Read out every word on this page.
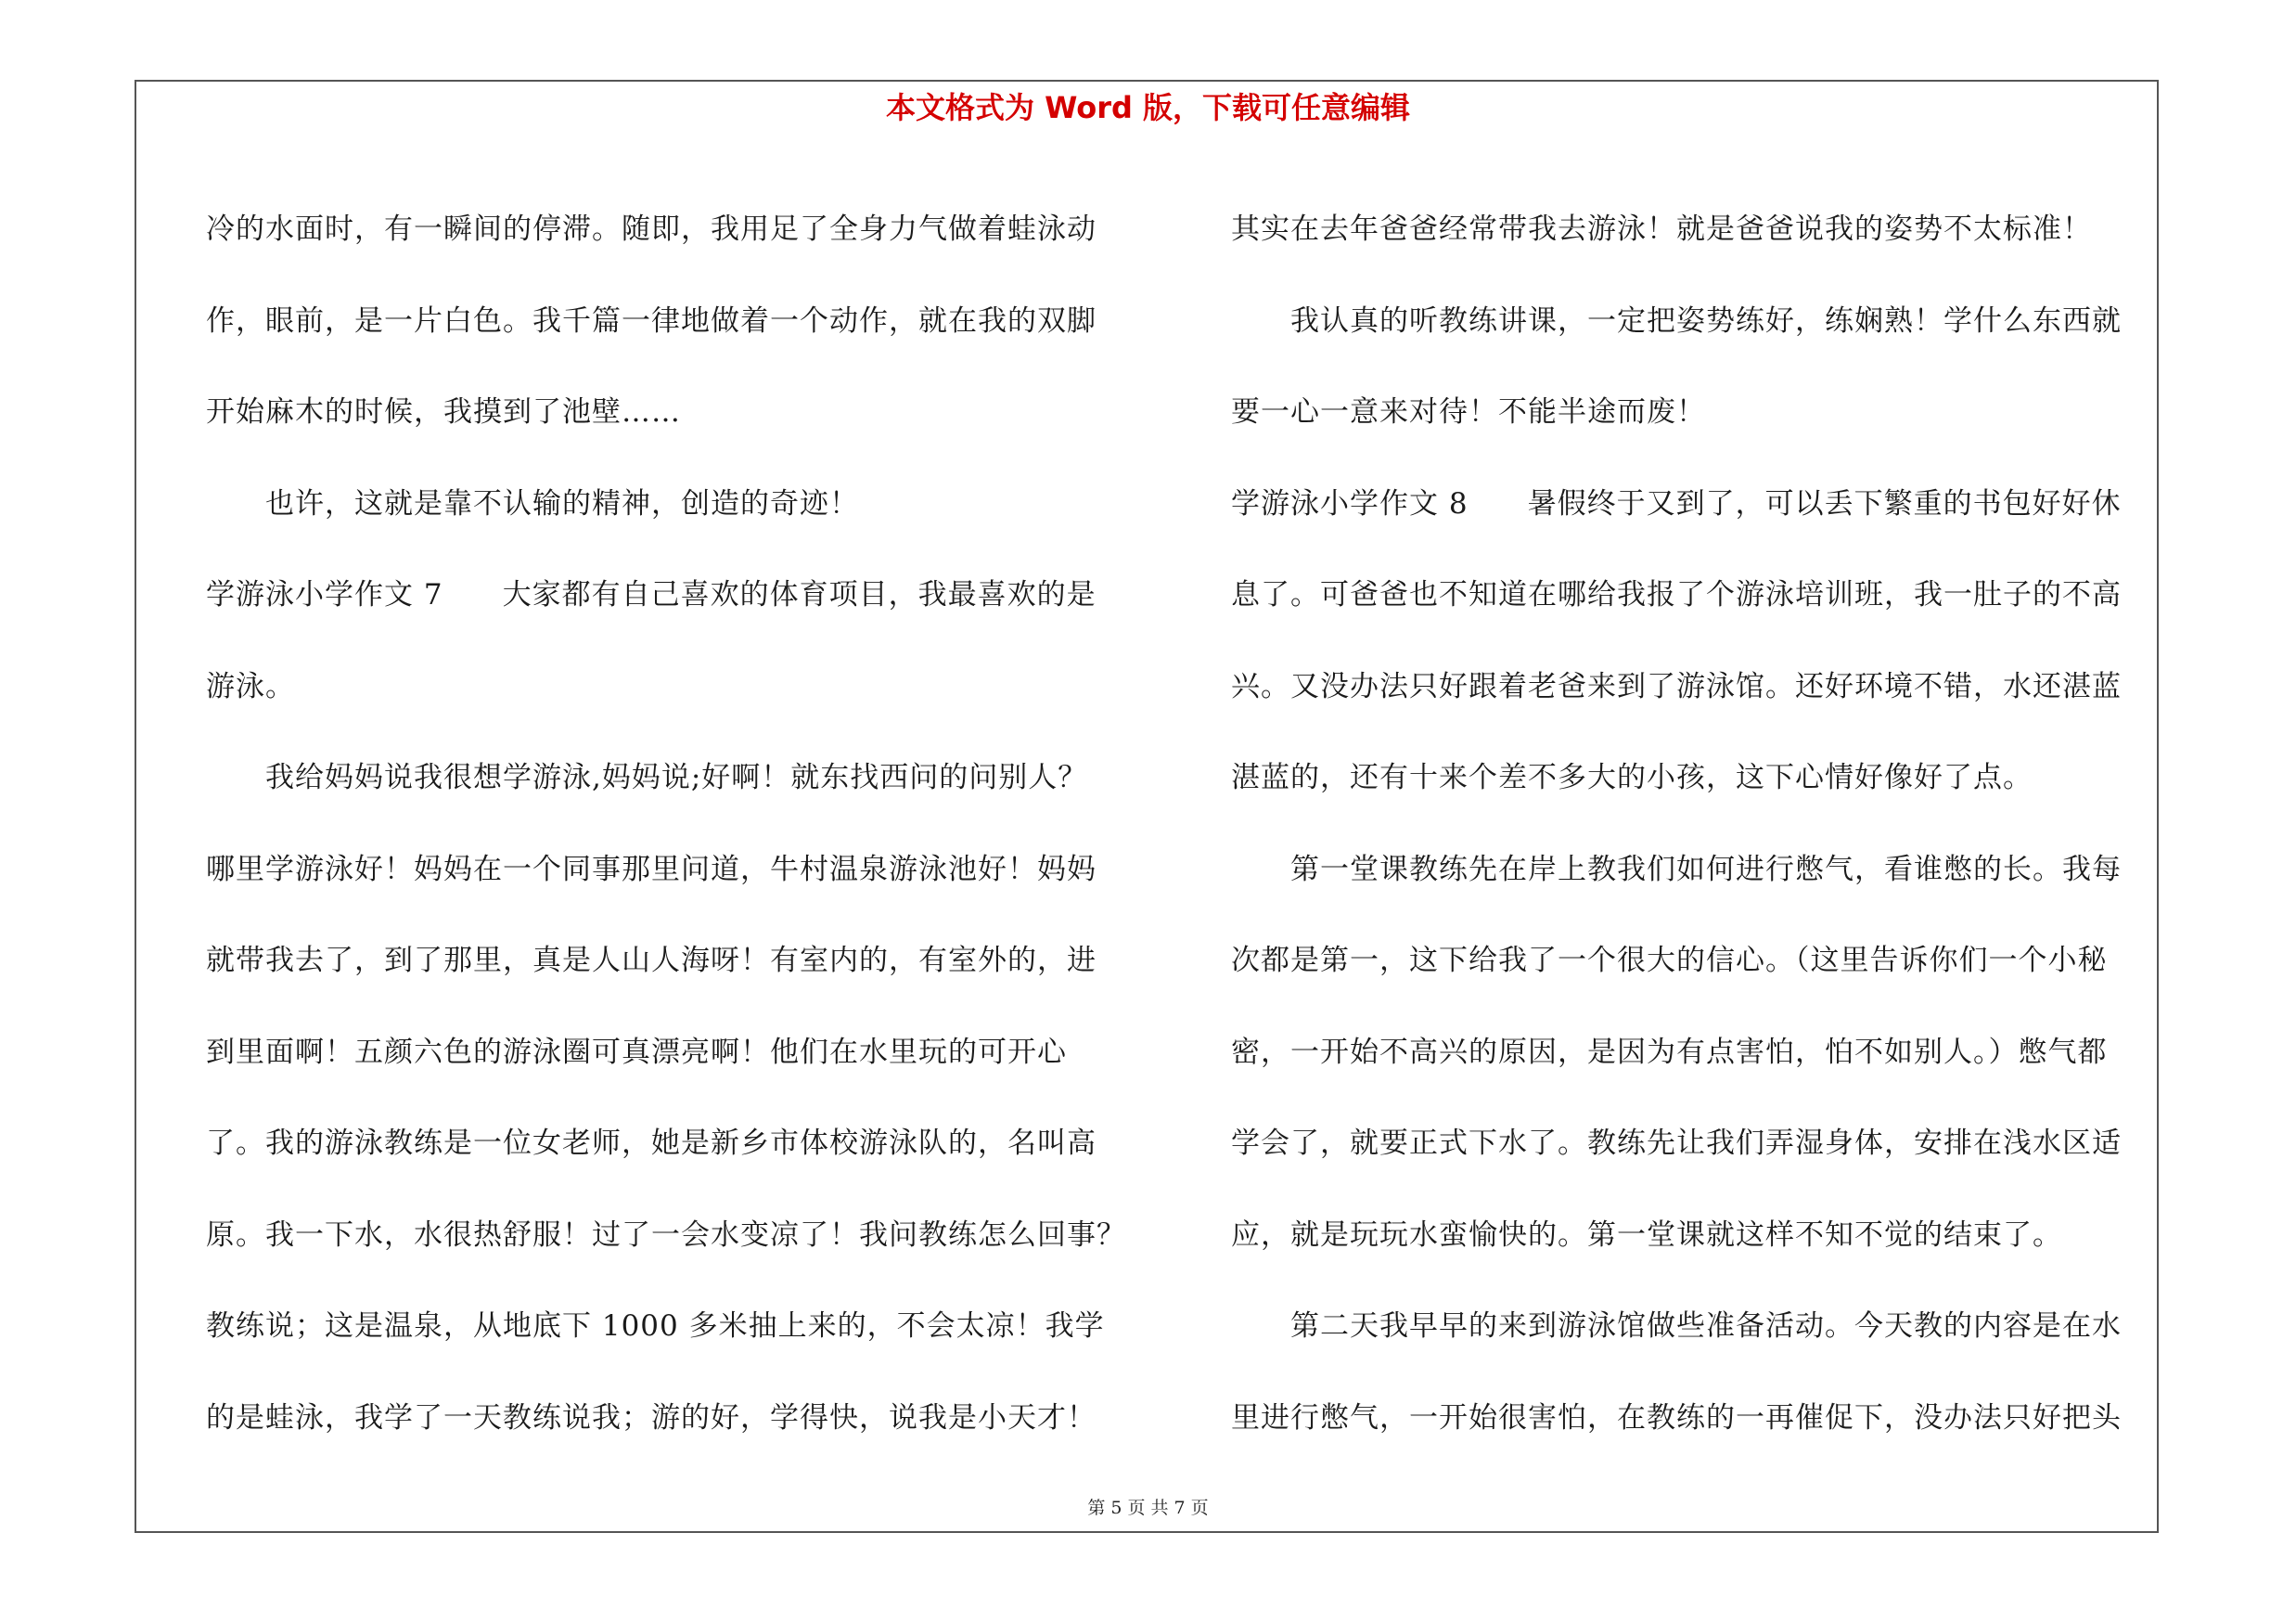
本文格式为 Word 版，下载可任意编辑
冷的水面时，有一瞬间的停滞。随即，我用足了全身力气做着蛙泳动
作，眼前，是一片白色。我千篇一律地做着一个动作，就在我的双脚
开始麻木的时候，我摸到了池壁……
也许，这就是靠不认输的精神，创造的奇迹！
学游泳小学作文 7　　大家都有自己喜欢的体育项目，我最喜欢的是
游泳。
我给妈妈说我很想学游泳,妈妈说;好啊！就东找西问的问别人？
哪里学游泳好！妈妈在一个同事那里问道，牛村温泉游泳池好！妈妈
就带我去了，到了那里，真是人山人海呀！有室内的，有室外的，进
到里面啊！五颜六色的游泳圈可真漂亮啊！他们在水里玩的可开心
了。我的游泳教练是一位女老师，她是新乡市体校游泳队的，名叫高
原。我一下水，水很热舒服！过了一会水变凉了！我问教练怎么回事？
教练说；这是温泉，从地底下 1000 多米抽上来的，不会太凉！我学
的是蛙泳，我学了一天教练说我；游的好，学得快，说我是小天才！
其实在去年爸爸经常带我去游泳！就是爸爸说我的姿势不太标准！
我认真的听教练讲课，一定把姿势练好，练娴熟！学什么东西就
要一心一意来对待！不能半途而废！
学游泳小学作文 8　　暑假终于又到了，可以丢下繁重的书包好好休
息了。可爸爸也不知道在哪给我报了个游泳培训班，我一肚子的不高
兴。又没办法只好跟着老爸来到了游泳馆。还好环境不错，水还湛蓝
湛蓝的，还有十来个差不多大的小孩，这下心情好像好了点。
第一堂课教练先在岸上教我们如何进行憋气，看谁憋的长。我每
次都是第一，这下给我了一个很大的信心。（这里告诉你们一个小秘
密，一开始不高兴的原因，是因为有点害怕，怕不如别人。）憋气都
学会了，就要正式下水了。教练先让我们弄湿身体，安排在浅水区适
应，就是玩玩水蛮愉快的。第一堂课就这样不知不觉的结束了。
第二天我早早的来到游泳馆做些准备活动。今天教的内容是在水
里进行憋气，一开始很害怕，在教练的一再催促下，没办法只好把头
第 5 页 共 7 页
